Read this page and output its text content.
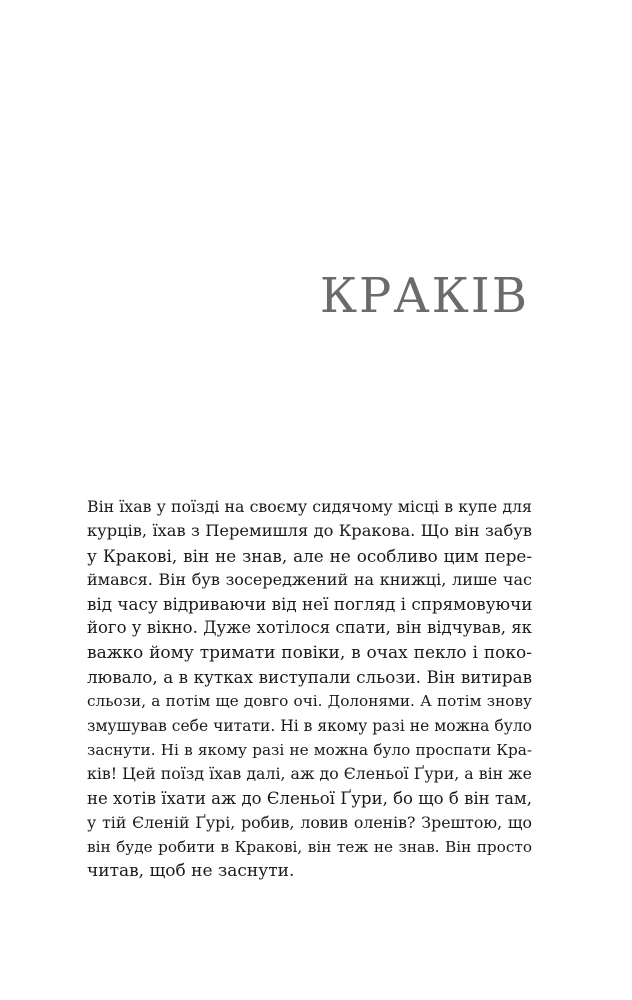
КРАКІВ
Він їхав у поїзді на своєму сидячому місці в купе для
курців, їхав з Перемишля до Кракова. Що він забув
у Кракові, він не знав, але не особливо цим пере-
ймався. Він був зосереджений на книжці, лише час
від часу відриваючи від неї погляд і спрямовуючи
його у вікно. Дуже хотілося спати, він відчував, як
важко йому тримати повіки, в очах пекло і поко-
лювало, а в кутках виступали сльози. Він витирав
сльози, а потім ще довго очі. Долонями. А потім знову
змушував себе читати. Ні в якому разі не можна було
заснути. Ні в якому разі не можна було проспати Кра-
ків! Цей поїзд їхав далі, аж до Єленьої Ґури, а він же
не хотів їхати аж до Єленьої Ґури, бо що б він там,
у тій Єленій Ґурі, робив, ловив оленів? Зрештою, що
він буде робити в Кракові, він теж не знав. Він просто
читав, щоб не заснути.
